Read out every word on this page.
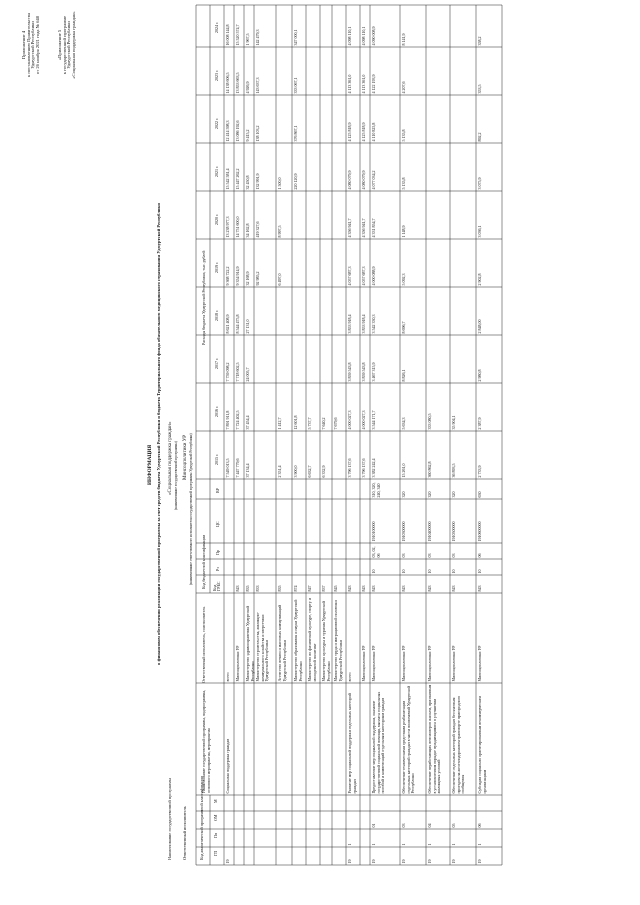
Приложение 4 к постановлению Правительства Удмуртской Республики от 26 ноября 2021 года № 648	«Приложение 5 к государственной программе Удмуртской Республики «Социальная поддержка граждан»
ИНФОРМАЦИЯ о финансовом обеспечении реализации государственной программы за счет средств бюджета Удмуртской Республики и бюджета Территориального фонда обязательного медицинского страхования Удмуртской Республики «Социальная поддержка граждан» (наименование государственной программы) Минсоцполитики УР (наименование ответственного исполнителя государственной программы Удмуртской Республики)
Наименование государственной программы Ответственный исполнитель	Код аналитической программной классификации ГП
Пп
ОМ
М
Наименование государственной программы, подпрограммы, основного мероприятия, мероприятия
Ответственный исполнитель, соисполнитель
Код бюджетной классификации Код ГРБС
Рз
Пр
ЦС
ВР
Расходы бюджета Удмуртской Республики, тыс. рублей
2015 г.
2016 г.
2017 г.
2018 г.
2019 г.
2020 г.
2021 г.
2022 г.
2023 г.
2024 г.
19
Социальная поддержка граждан
всего
7 549 013,5
7 891 911,8
7 759 098,2
8 621 408,9
9 368 722,2
13 238 977,3
15 542 581,4
12 414 598,3
14 138 606,5
16 008 144,8
Минсоцполитики УР
843
7 447 779,6
7 724 402,5
7 718 602,5
8 544 475,8
9 354 914,9
14 751 600,0
15 447 262,2
13 086 192,6
13 853 663,5
15 520 574,7
Министерство здравоохранения Удмуртской Республики
835
37 134,4
37 454,4
24 005,7
27 131,0
32 168,9
34 162,8
32 450,8
9 415,2
4 926,9
1 967,5
Министерство строительства, жилищно-коммунального хозяйства и энергетики Удмуртской Республики
833
92 985,2
419 327,6
132 991,9
138 103,2
143 637,3
142 479,3
Агентство печати и массовых коммуникаций Удмуртской Республики
835
2 351,4
1 412,7
6 497,0
8 997,5
1 500,0
Министерство образования и науки Удмуртской Республики
874
3 900,0
12 601,8
220 120,9
376 867,1
333 067,1
347 000,1
Министерство по физической культуре, спорту и молодежной политике
847
6 632,7
5 737,7
Министерство культуры и туризма Удмуртской Республики
837
6 332,9
7 640,2
Министерство труда и миграционной политики Удмуртской Республики
845
7 679,6
19
1
Развитие мер социальной поддержки отдельных категорий граждан
всего
843
3 796 137,6
4 000 027,3
3 859 543,8
3 853 918,4
4 057 687,3
4 356 941,7
4 080 079,9
4 125 818,9
4 113 361,0
4 098 110,1
Минсоцполитики УР
843
3 796 137,6
4 000 027,3
3 859 543,8
3 853 918,4
4 057 687,3
4 356 941,7
4 080 079,9
4 125 818,9
4 113 361,0
4 098 110,1
19
1
01
Предоставление мер социальной поддержки, оказание государственной социальной помощи, выплата социальных пособий и компенсаций отдельным категориям граждан
Минсоцполитики УР
843
10
03, 02, 06
1910100000
310, 320, 240, 340
3 382 242,4
3 544 171,7
3 467 315,9
3 542 330,3
4 000 088,9
4 331 854,7
4 077 034,2
4 110 825,8
4 122 193,9
4 090 008,9
19
1
03
Обеспечение техническими средствами реабилитации отдельных категорий граждан в части полномочий Удмуртской Республики
Минсоцполитики УР
843
10
03
1910300000
320
15 261,0
5 634,3
8 826,1
8 696,7
5 092,3
1 148,9
5 135,8
5 135,8
4 207,6
8 141,9
19
1
04
Обеспечение неработающих пенсионеров жильем, признанным в установленном порядке нуждающимися в улучшении жилищных условий
Минсоцполитики УР
843
10
03
1910400000
320
360 862,8
333 080,5
19
1
05
Обеспечение отдельных категорий граждан бесплатным проездом на железнодорожном транспорте пригородного сообщения
Минсоцполитики УР
843
10
03
1910500000
320
36 893,5
35 904,1
19
1
06
Субсидии социально ориентированным некоммерческим организациям
Минсоцполитики УР
843
10
06
1910600000
630
2 733,9
2 387,9
2 980,8
2 848,00
2 902,8
3 036,1
3 075,9
892,2
353,5
358,2
